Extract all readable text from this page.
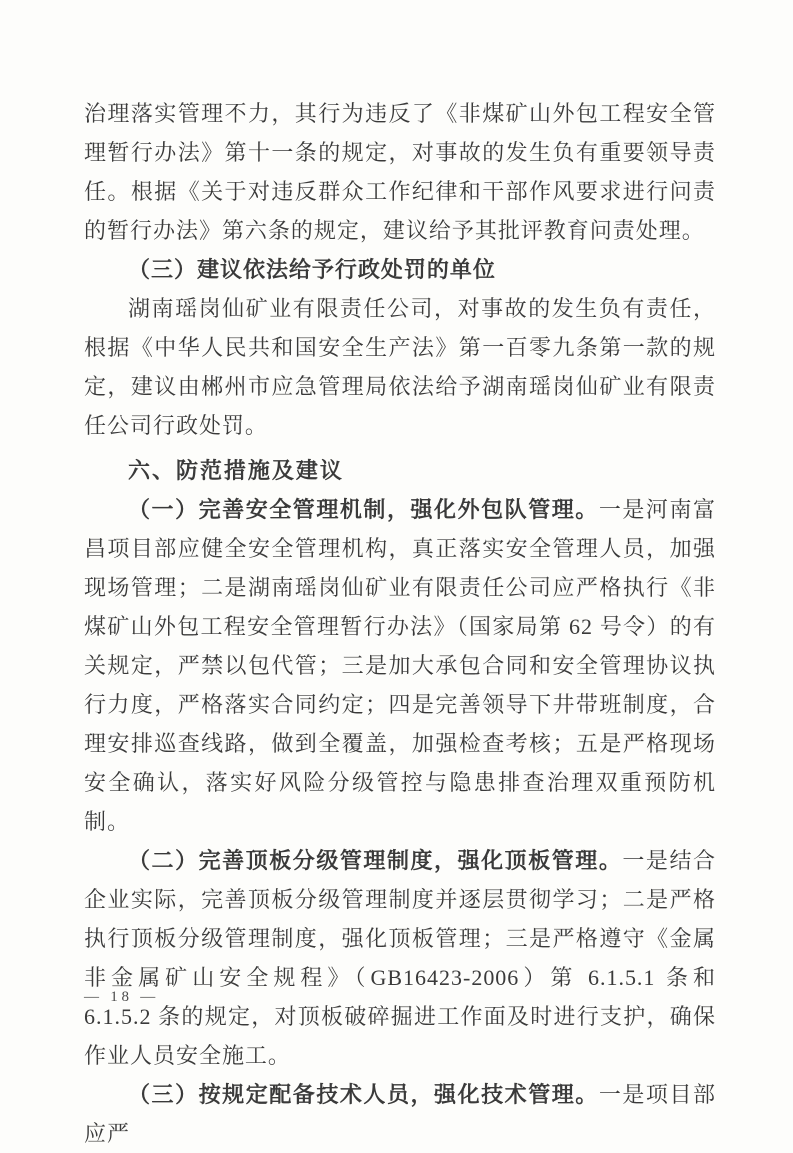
治理落实管理不力，其行为违反了《非煤矿山外包工程安全管理暂行办法》第十一条的规定，对事故的发生负有重要领导责任。根据《关于对违反群众工作纪律和干部作风要求进行问责的暂行办法》第六条的规定，建议给予其批评教育问责处理。

（三）建议依法给予行政处罚的单位

湖南瑶岗仙矿业有限责任公司，对事故的发生负有责任，根据《中华人民共和国安全生产法》第一百零九条第一款的规定，建议由郴州市应急管理局依法给予湖南瑶岗仙矿业有限责任公司行政处罚。

六、防范措施及建议

（一）完善安全管理机制，强化外包队管理。一是河南富昌项目部应健全安全管理机构，真正落实安全管理人员，加强现场管理；二是湖南瑶岗仙矿业有限责任公司应严格执行《非煤矿山外包工程安全管理暂行办法》（国家局第 62 号令）的有关规定，严禁以包代管；三是加大承包合同和安全管理协议执行力度，严格落实合同约定；四是完善领导下井带班制度，合理安排巡查线路，做到全覆盖，加强检查考核；五是严格现场安全确认，落实好风险分级管控与隐患排查治理双重预防机制。

（二）完善顶板分级管理制度，强化顶板管理。一是结合企业实际，完善顶板分级管理制度并逐层贯彻学习；二是严格执行顶板分级管理制度，强化顶板管理；三是严格遵守《金属非金属矿山安全规程》（GB16423-2006）第 6.1.5.1 条和 6.1.5.2 条的规定，对顶板破碎掘进工作面及时进行支护，确保作业人员安全施工。

（三）按规定配备技术人员，强化技术管理。一是项目部应严

— 18 —
